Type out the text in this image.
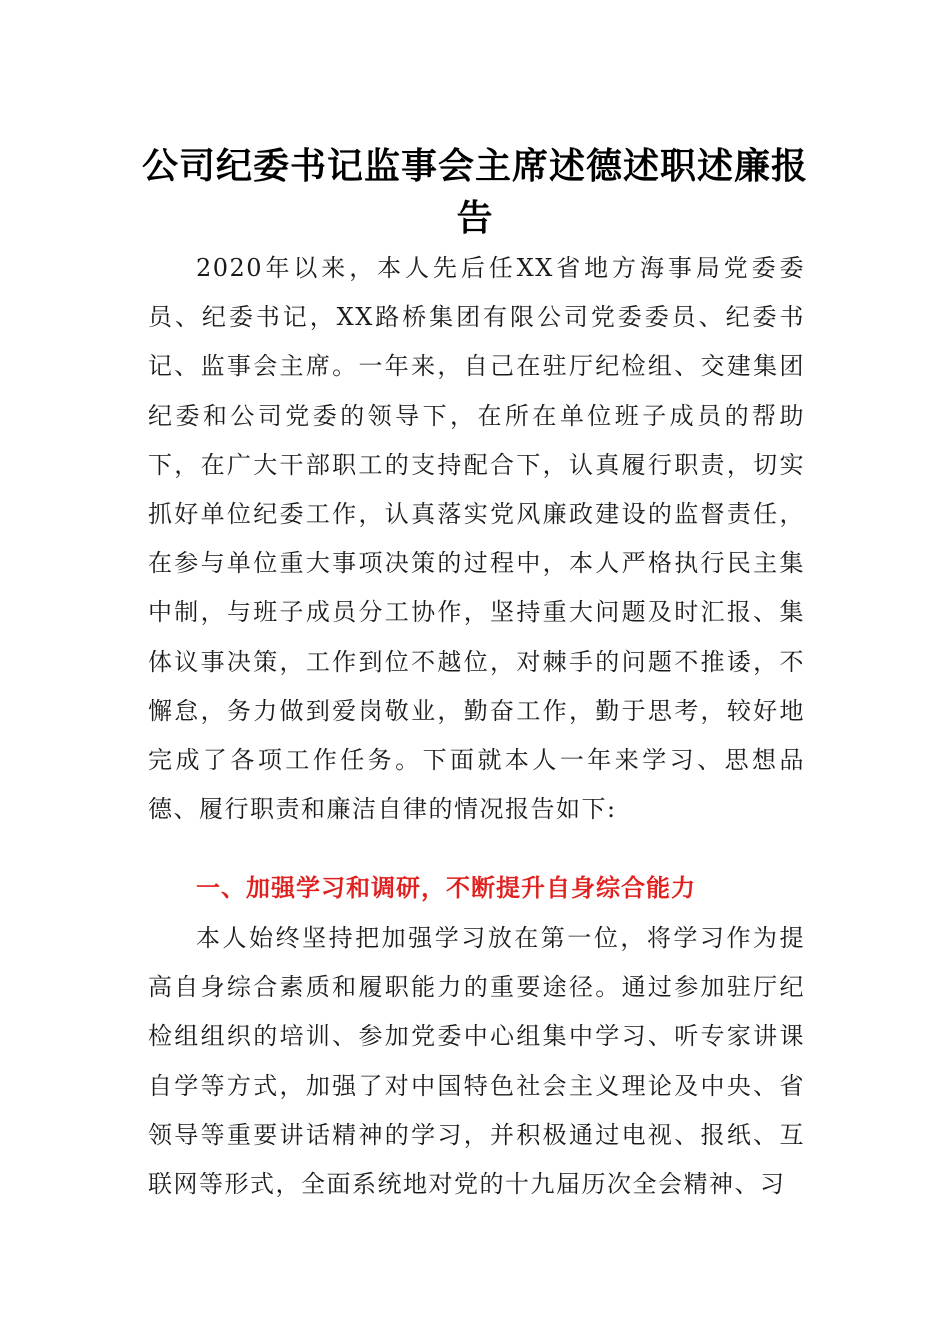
公司纪委书记监事会主席述德述职述廉报告

2020年以来，本人先后任XX省地方海事局党委委员、纪委书记，XX路桥集团有限公司党委委员、纪委书记、监事会主席。一年来，自己在驻厅纪检组、交建集团纪委和公司党委的领导下，在所在单位班子成员的帮助下，在广大干部职工的支持配合下，认真履行职责，切实抓好单位纪委工作，认真落实党风廉政建设的监督责任，在参与单位重大事项决策的过程中，本人严格执行民主集中制，与班子成员分工协作，坚持重大问题及时汇报、集体议事决策，工作到位不越位，对棘手的问题不推诿，不懈怠，务力做到爱岗敬业，勤奋工作，勤于思考，较好地完成了各项工作任务。下面就本人一年来学习、思想品德、履行职责和廉洁自律的情况报告如下:

一、加强学习和调研，不断提升自身综合能力

本人始终坚持把加强学习放在第一位，将学习作为提高自身综合素质和履职能力的重要途径。通过参加驻厅纪检组组织的培训、参加党委中心组集中学习、听专家讲课自学等方式，加强了对中国特色社会主义理论及中央、省领导等重要讲话精神的学习，并积极通过电视、报纸、互联网等形式，全面系统地对党的十九届历次全会精神、习
